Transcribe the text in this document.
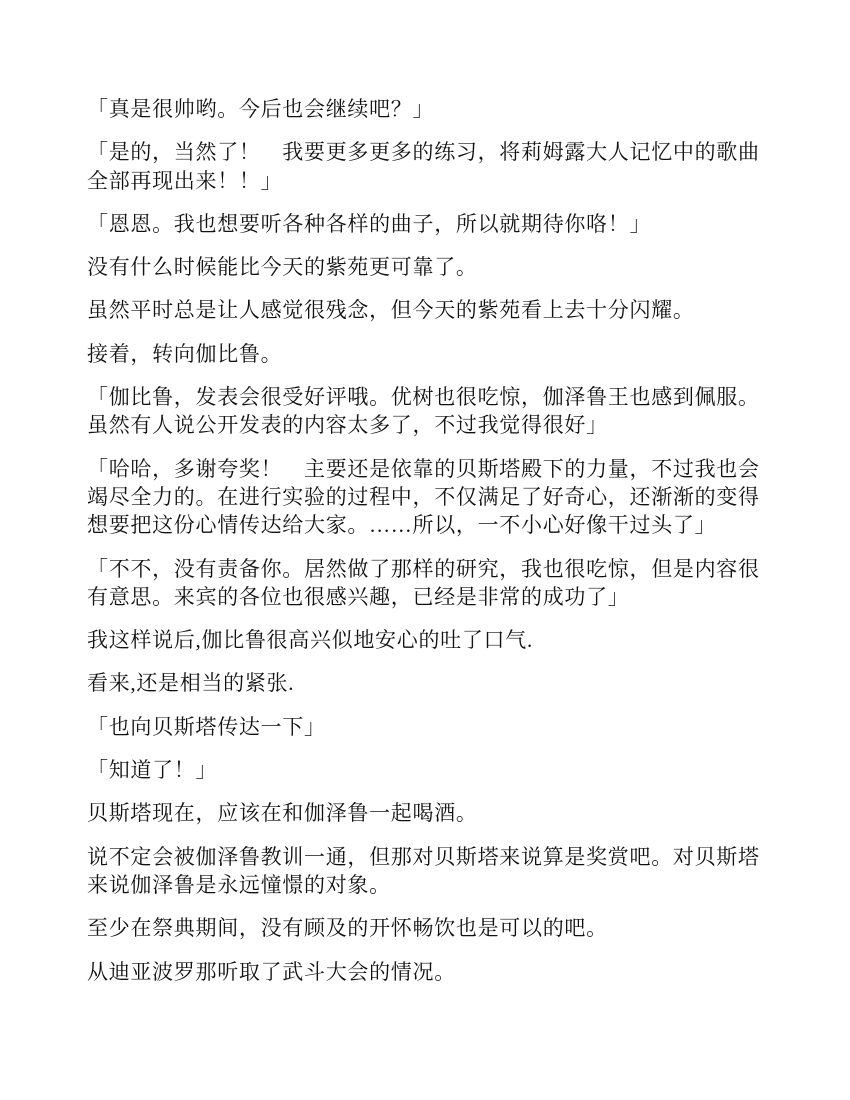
「真是很帅哟。今后也会继续吧？」

「是的，当然了！　我要更多更多的练习，将莉姆露大人记忆中的歌曲全部再现出来！！」

「恩恩。我也想要听各种各样的曲子，所以就期待你咯！」

没有什么时候能比今天的紫苑更可靠了。

虽然平时总是让人感觉很残念，但今天的紫苑看上去十分闪耀。

接着，转向伽比鲁。

「伽比鲁，发表会很受好评哦。优树也很吃惊，伽泽鲁王也感到佩服。虽然有人说公开发表的内容太多了，不过我觉得很好」

「哈哈，多谢夸奖！　主要还是依靠的贝斯塔殿下的力量，不过我也会竭尽全力的。在进行实验的过程中，不仅满足了好奇心，还渐渐的变得想要把这份心情传达给大家。……所以，一不小心好像干过头了」

「不不，没有责备你。居然做了那样的研究，我也很吃惊，但是内容很有意思。来宾的各位也很感兴趣，已经是非常的成功了」

我这样说后,伽比鲁很高兴似地安心的吐了口气.

看来,还是相当的紧张.

「也向贝斯塔传达一下」

「知道了！」

贝斯塔现在，应该在和伽泽鲁一起喝酒。

说不定会被伽泽鲁教训一通，但那对贝斯塔来说算是奖赏吧。对贝斯塔来说伽泽鲁是永远憧憬的对象。

至少在祭典期间，没有顾及的开怀畅饮也是可以的吧。

从迪亚波罗那听取了武斗大会的情况。
